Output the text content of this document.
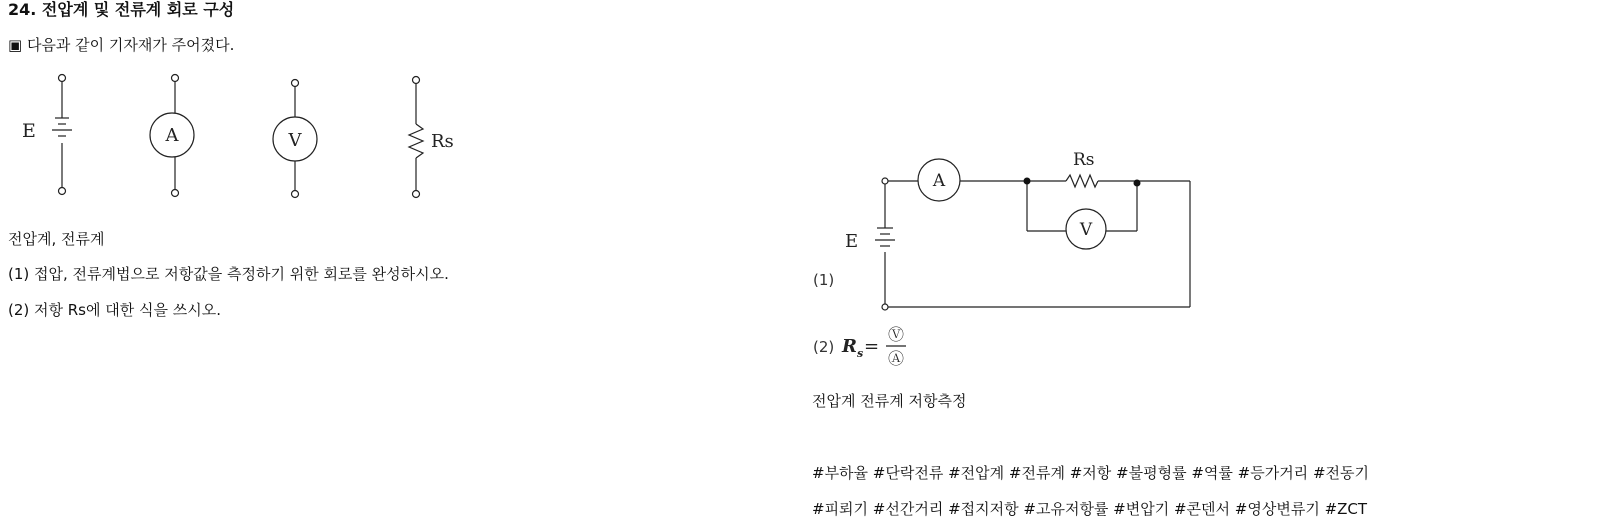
24. 전압계 및 전류계 회로 구성
▣ 다음과 같이 기자재가 주어졌다.
E	A	V	Rs
전압계, 전류계
(1) 접압, 전류계법으로 저항값을 측정하기 위한 회로를 완성하시오.
(2) 저항 Rs에 대한 식을 쓰시오.
(1)
E
A
V
Rs
(2) $R_s$ =
Ⓥ
Ⓐ
전압계 전류계 저항측정
#부하율 #단락전류 #전압계 #전류계 #저항 #불평형률 #역률 #등가거리 #전동기
#피뢰기 #선간거리 #접지저항 #고유저항률 #변압기 #콘덴서 #영상변류기 #ZCT
